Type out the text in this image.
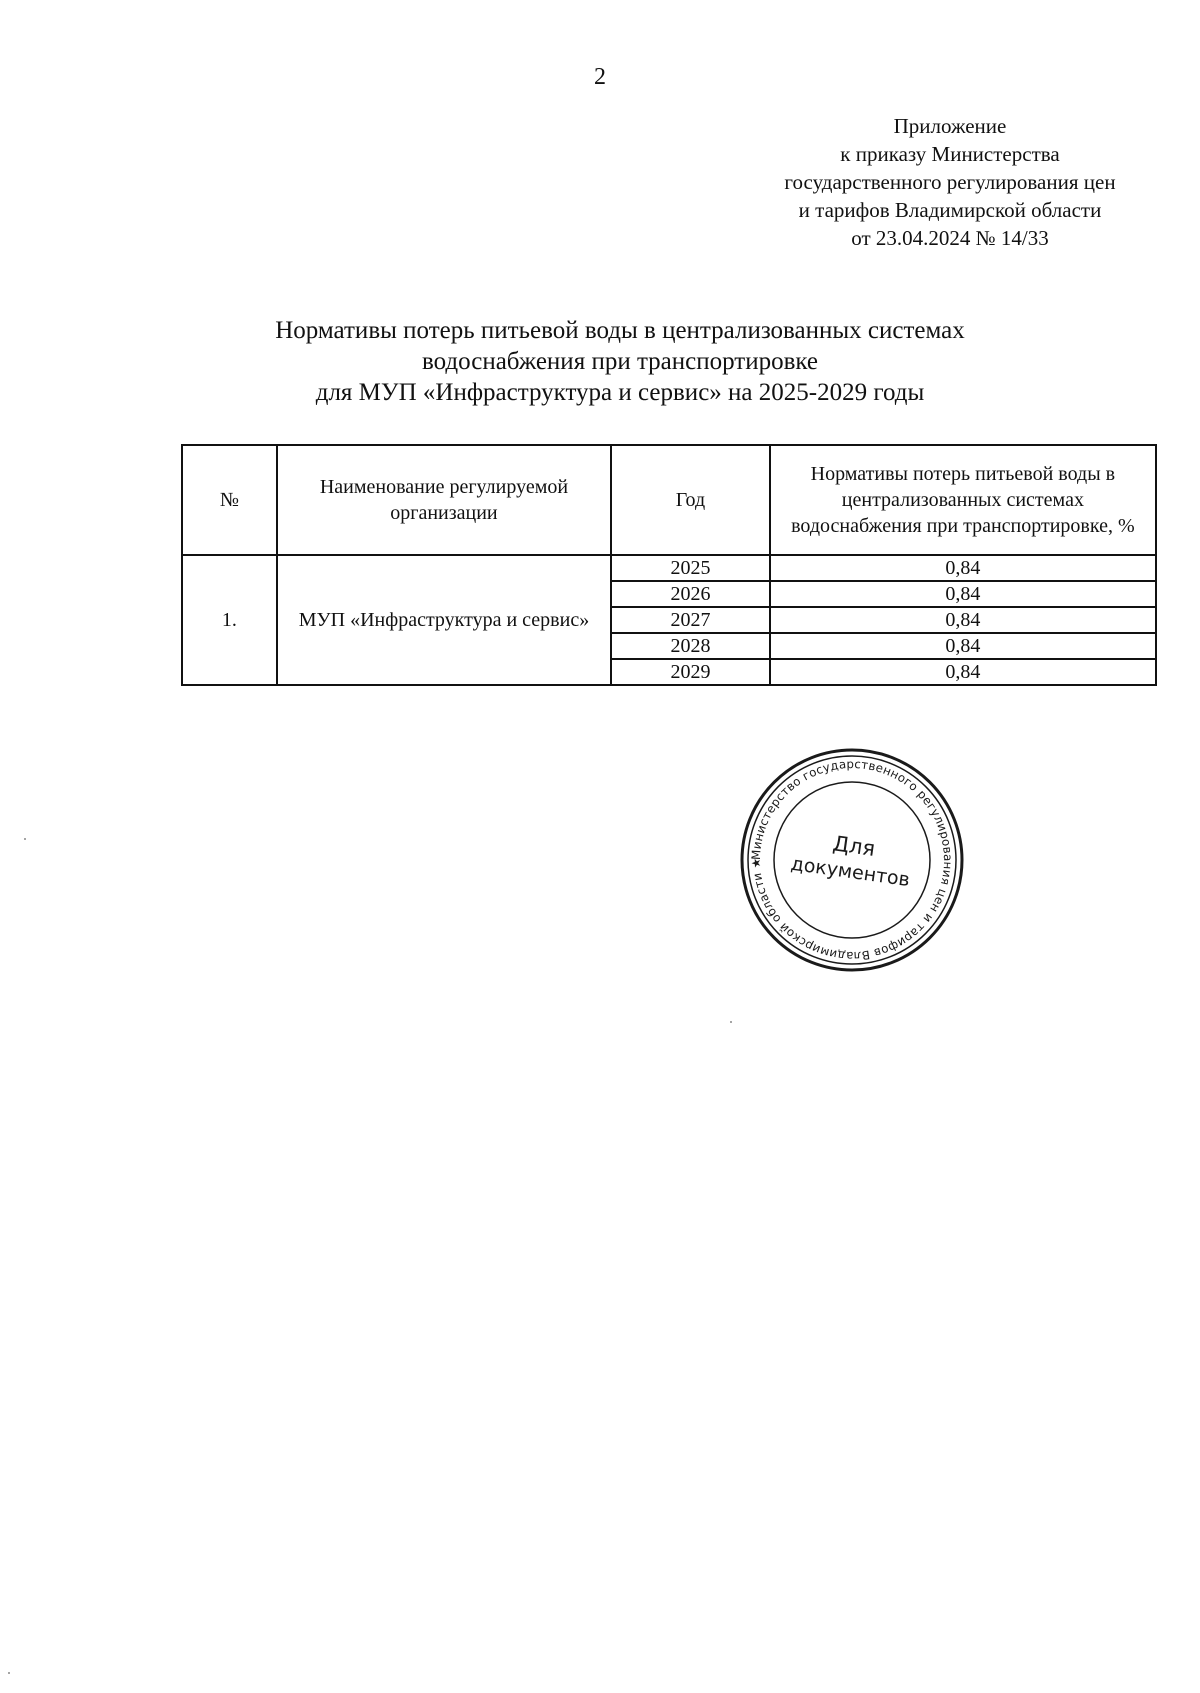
2
Приложение
к приказу Министерства
государственного регулирования цен
и тарифов Владимирской области
от 23.04.2024 № 14/33
Нормативы потерь питьевой воды в централизованных системах
водоснабжения при транспортировке
для МУП «Инфраструктура и сервис» на 2025-2029 годы
№	Наименование регулируемой организации	Год	Нормативы потерь питьевой воды в централизованных системах водоснабжения при транспортировке, %
1.	МУП «Инфраструктура и сервис»	2025	0,84
		2026	0,84
		2027	0,84
		2028	0,84
		2029	0,84
Министерство государственного регулирования цен и тарифов Владимирской области ★
Для
документов
